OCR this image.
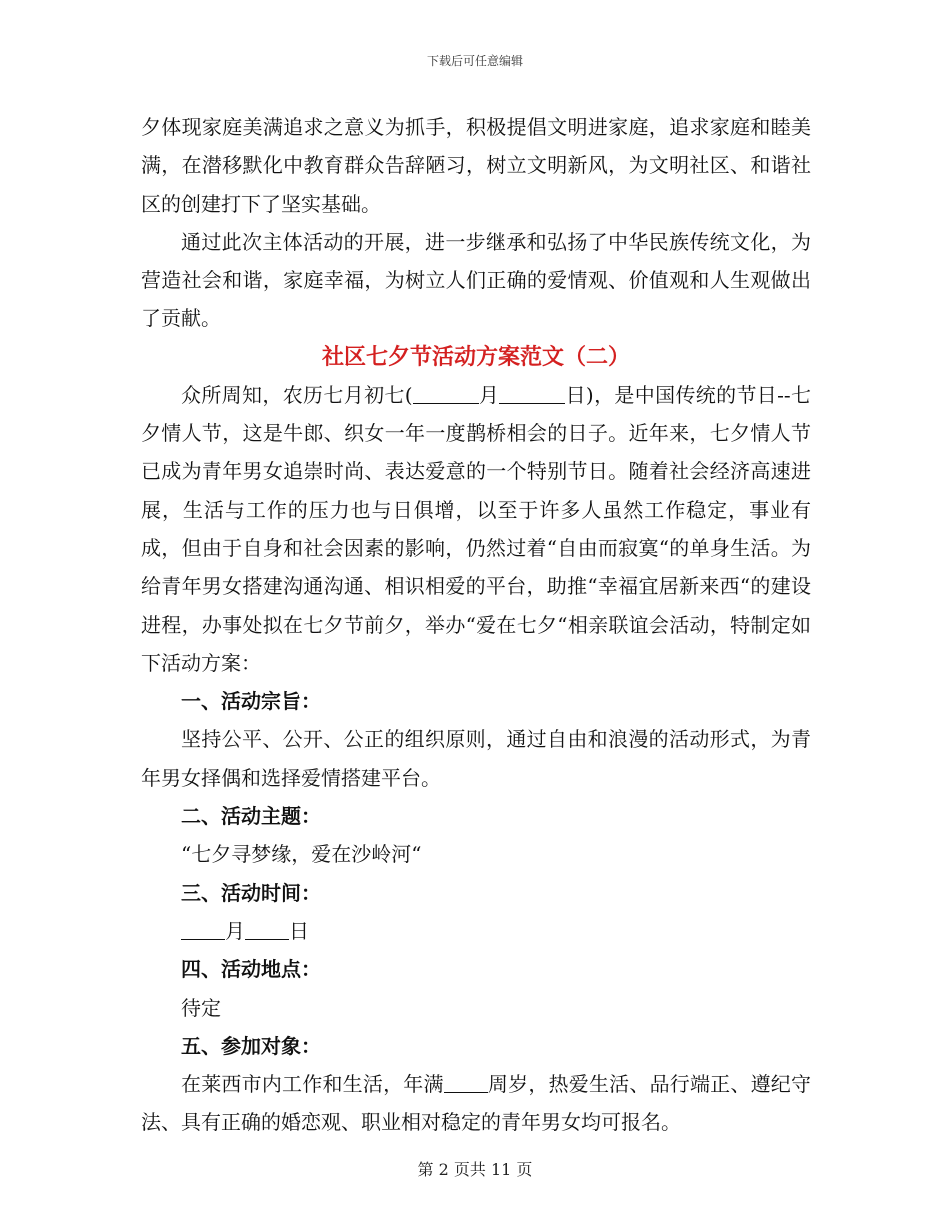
下载后可任意编辑

夕体现家庭美满追求之意义为抓手，积极提倡文明进家庭，追求家庭和睦美满，在潜移默化中教育群众告辞陋习，树立文明新风，为文明社区、和谐社区的创建打下了坚实基础。

通过此次主体活动的开展，进一步继承和弘扬了中华民族传统文化，为营造社会和谐，家庭幸福，为树立人们正确的爱情观、价值观和人生观做出了贡献。

社区七夕节活动方案范文（二）

众所周知，农历七月初七(	月	日)，是中国传统的节日--七夕情人节，这是牛郎、织女一年一度鹊桥相会的日子。近年来，七夕情人节已成为青年男女追崇时尚、表达爱意的一个特别节日。随着社会经济高速进展，生活与工作的压力也与日俱增，以至于许多人虽然工作稳定，事业有成，但由于自身和社会因素的影响，仍然过着“自由而寂寞“的单身生活。为给青年男女搭建沟通沟通、相识相爱的平台，助推“幸福宜居新来西“的建设进程，办事处拟在七夕节前夕，举办“爱在七夕“相亲联谊会活动，特制定如下活动方案：

一、活动宗旨：

坚持公平、公开、公正的组织原则，通过自由和浪漫的活动形式，为青年男女择偶和选择爱情搭建平台。

二、活动主题：

“七夕寻梦缘，爱在沙岭河“

三、活动时间：

月 日

四、活动地点：

待定

五、参加对象：

在莱西市内工作和生活，年满 周岁，热爱生活、品行端正、遵纪守法、具有正确的婚恋观、职业相对稳定的青年男女均可报名。

第 2 页共 11 页
